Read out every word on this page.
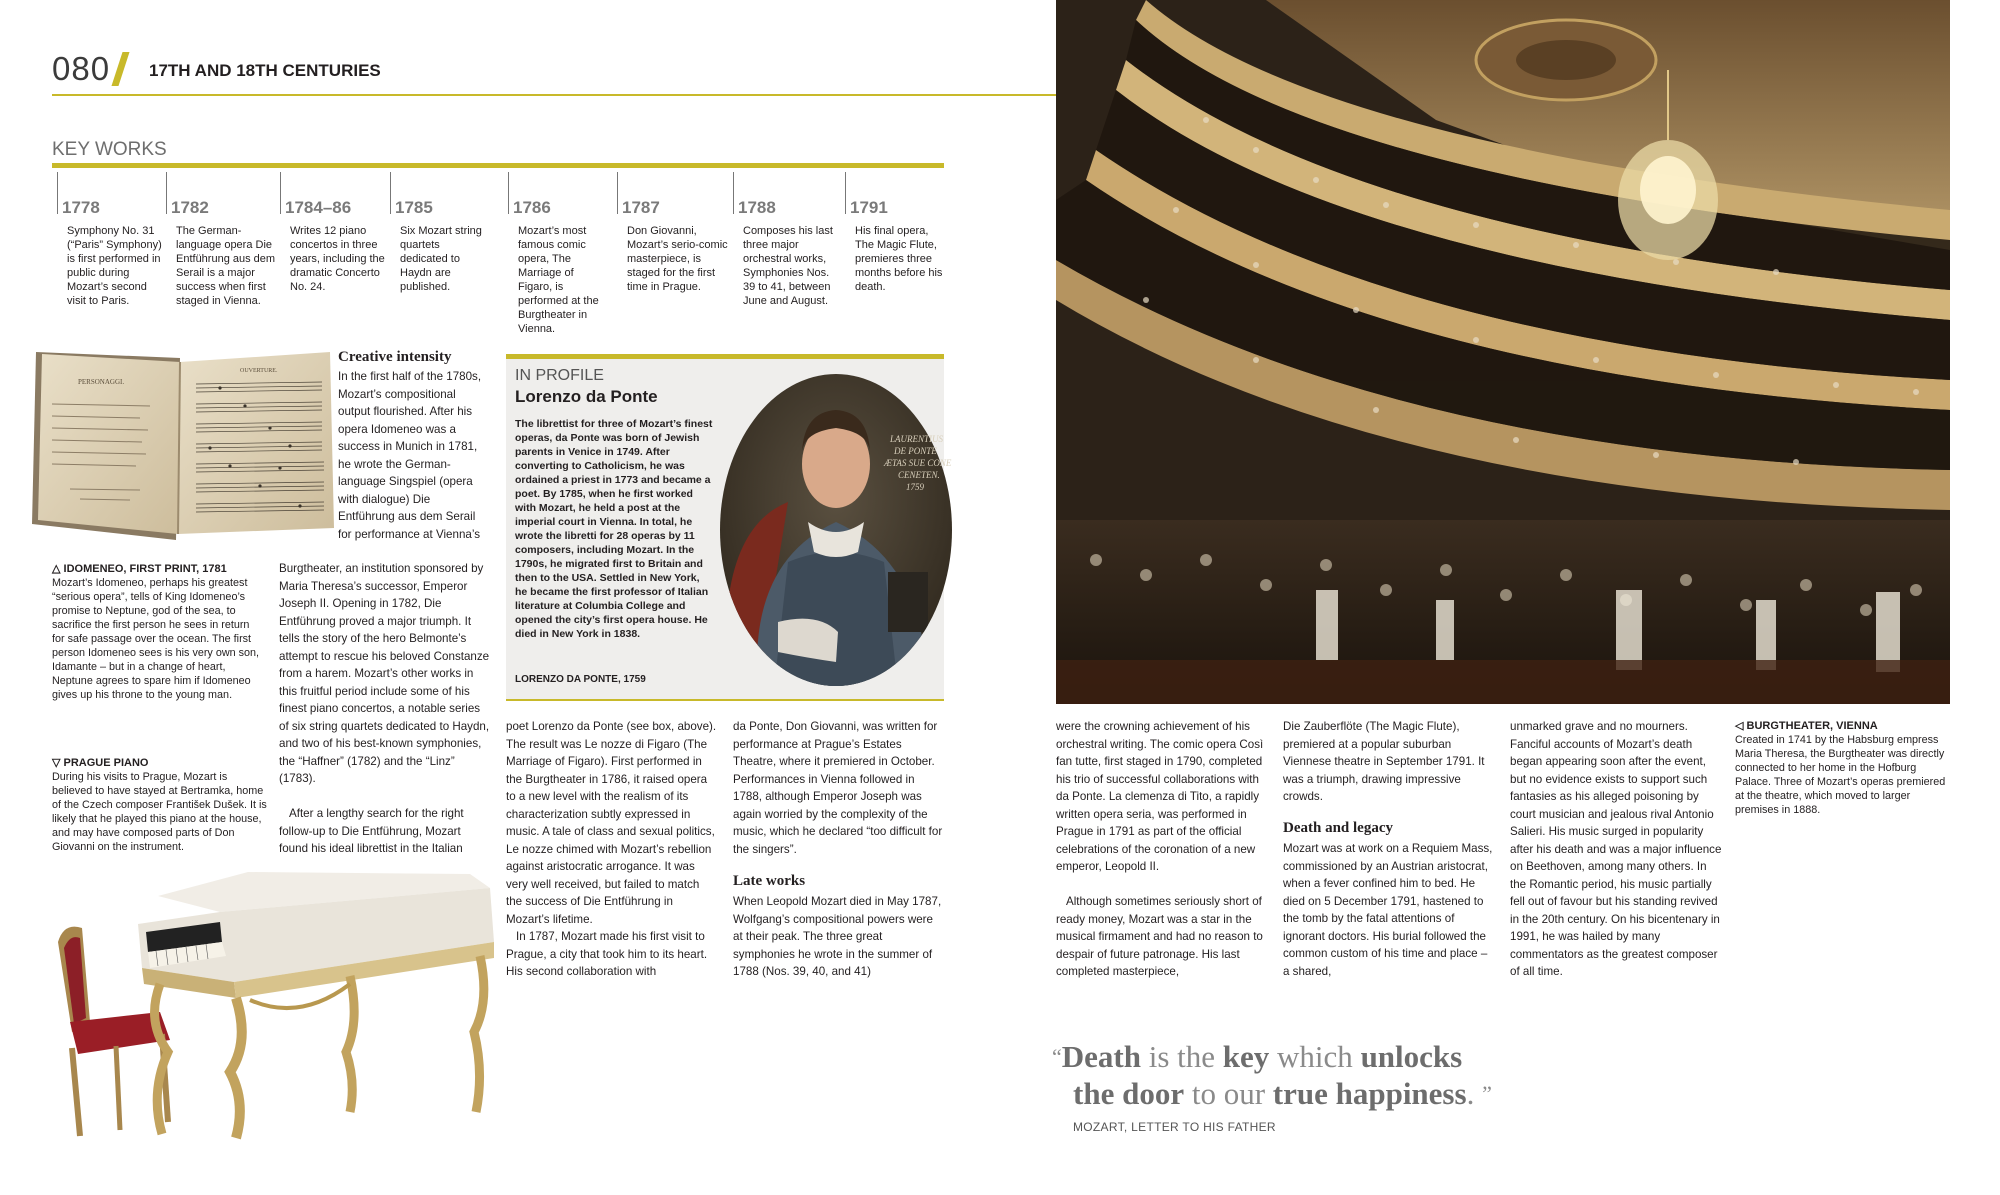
080 17TH AND 18TH CENTURIES
KEY WORKS
1778
Symphony No. 31 (“Paris” Symphony) is first performed in public during Mozart’s second visit to Paris.
1782
The German-language opera Die Entführung aus dem Serail is a major success when first staged in Vienna.
1784–86
Writes 12 piano concertos in three years, including the dramatic Concerto No. 24.
1785
Six Mozart string quartets dedicated to Haydn are published.
1786
Mozart’s most famous comic opera, The Marriage of Figaro, is performed at the Burgtheater in Vienna.
1787
Don Giovanni, Mozart’s serio-comic masterpiece, is staged for the first time in Prague.
1788
Composes his last three major orchestral works, Symphonies Nos. 39 to 41, between June and August.
1791
His final opera, The Magic Flute, premieres three months before his death.
PERSONAGGI.
OUVERTURE.
△ IDOMENEO, FIRST PRINT, 1781
Mozart’s Idomeneo, perhaps his greatest “serious opera”, tells of King Idomeneo’s promise to Neptune, god of the sea, to sacrifice the first person he sees in return for safe passage over the ocean. The first person Idomeneo sees is his very own son, Idamante – but in a change of heart, Neptune agrees to spare him if Idomeneo gives up his throne to the young man.
▽ PRAGUE PIANO
During his visits to Prague, Mozart is believed to have stayed at Bertramka, home of the Czech composer František Dušek. It is likely that he played this piano at the house, and may have composed parts of Don Giovanni on the instrument.
Creative intensity
In the first half of the 1780s, Mozart’s compositional output flourished. After his opera Idomeneo was a success in Munich in 1781, he wrote the German-language Singspiel (opera with dialogue) Die Entführung aus dem Serail for performance at Vienna’s
Burgtheater, an institution sponsored by Maria Theresa’s successor, Emperor Joseph II. Opening in 1782, Die Entführung proved a major triumph. It tells the story of the hero Belmonte’s attempt to rescue his beloved Constanze from a harem. Mozart’s other works in this fruitful period include some of his finest piano concertos, a notable series of six string quartets dedicated to Haydn, and two of his best-known symphonies, the “Haffner” (1782) and the “Linz” (1783).
After a lengthy search for the right follow-up to Die Entführung, Mozart found his ideal librettist in the Italian
IN PROFILE
Lorenzo da Ponte
The librettist for three of Mozart’s finest operas, da Ponte was born of Jewish parents in Venice in 1749. After converting to Catholicism, he was ordained a priest in 1773 and became a poet. By 1785, when he first worked with Mozart, he held a post at the imperial court in Vienna. In total, he wrote the libretti for 28 operas by 11 composers, including Mozart. In the 1790s, he migrated first to Britain and then to the USA. Settled in New York, he became the first professor of Italian literature at Columbia College and opened the city’s first opera house. He died in New York in 1838.
LORENZO DA PONTE, 1759
LAURENTIUS
DE PONTE
ÆTAS SUE CONE
CENETEN.
1759
poet Lorenzo da Ponte (see box, above). The result was Le nozze di Figaro (The Marriage of Figaro). First performed in the Burgtheater in 1786, it raised opera to a new level with the realism of its characterization subtly expressed in music. A tale of class and sexual politics, Le nozze chimed with Mozart’s rebellion against aristocratic arrogance. It was very well received, but failed to match the success of Die Entführung in Mozart’s lifetime.
In 1787, Mozart made his first visit to Prague, a city that took him to its heart. His second collaboration with
da Ponte, Don Giovanni, was written for performance at Prague’s Estates Theatre, where it premiered in October. Performances in Vienna followed in 1788, although Emperor Joseph was again worried by the complexity of the music, which he declared “too difficult for the singers”.
Late works
When Leopold Mozart died in May 1787, Wolfgang’s compositional powers were at their peak. The three great symphonies he wrote in the summer of 1788 (Nos. 39, 40, and 41)
◁ BURGTHEATER, VIENNA
Created in 1741 by the Habsburg empress Maria Theresa, the Burgtheater was directly connected to her home in the Hofburg Palace. Three of Mozart’s operas premiered at the theatre, which moved to larger premises in 1888.
were the crowning achievement of his orchestral writing. The comic opera Così fan tutte, first staged in 1790, completed his trio of successful collaborations with da Ponte. La clemenza di Tito, a rapidly written opera seria, was performed in Prague in 1791 as part of the official celebrations of the coronation of a new emperor, Leopold II.
Although sometimes seriously short of ready money, Mozart was a star in the musical firmament and had no reason to despair of future patronage. His last completed masterpiece,
Die Zauberflöte (The Magic Flute), premiered at a popular suburban Viennese theatre in September 1791. It was a triumph, drawing impressive crowds.
Death and legacy
Mozart was at work on a Requiem Mass, commissioned by an Austrian aristocrat, when a fever confined him to bed. He died on 5 December 1791, hastened to the tomb by the fatal attentions of ignorant doctors. His burial followed the common custom of his time and place – a shared,
unmarked grave and no mourners. Fanciful accounts of Mozart’s death began appearing soon after the event, but no evidence exists to support such fantasies as his alleged poisoning by court musician and jealous rival Antonio Salieri. His music surged in popularity after his death and was a major influence on Beethoven, among many others. In the Romantic period, his music partially fell out of favour but his standing revived in the 20th century. On his bicentenary in 1991, he was hailed by many commentators as the greatest composer of all time.
“Death is the key which unlocks
the door to our true happiness. ”
MOZART, LETTER TO HIS FATHER
